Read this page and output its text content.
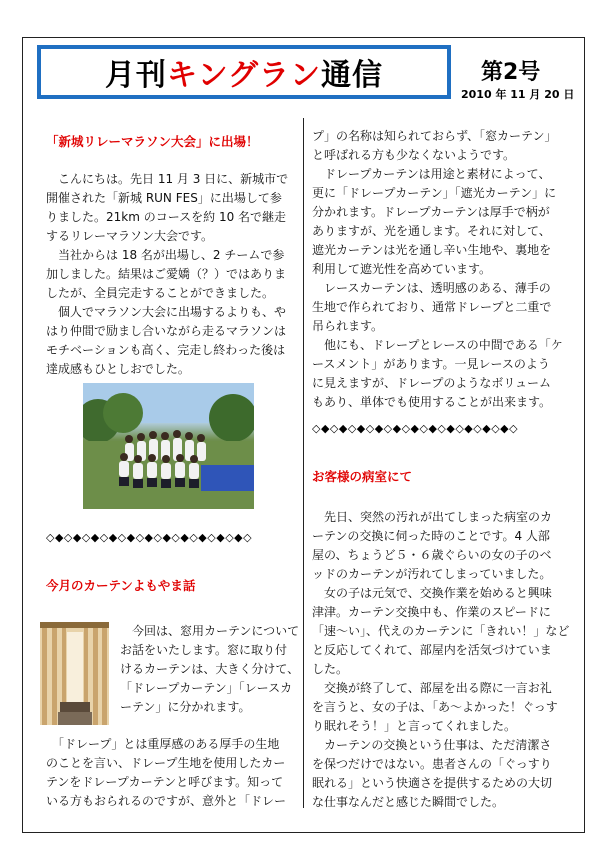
月刊 キングラン 通信	第2号
2010 年 11 月 20 日
「新城リレーマラソン大会」に出場！
　こんにちは。先日 11 月 3 日に、新城市で
開催された「新城 RUN FES」に出場して参
りました。21km のコースを約 10 名で継走
するリレーマラソン大会です。
　当社からは 18 名が出場し、2 チームで参
加しました。結果はご愛嬌（？）ではありま
したが、全員完走することができました。
　個人でマラソン大会に出場するよりも、や
はり仲間で励まし合いながら走るマラソンは
モチベーションも高く、完走し終わった後は
達成感もひとしおでした。
◇◆◇◆◇◆◇◆◇◆◇◆◇◆◇◆◇◆◇◆◇◆◇
今月のカーテンよもやま話
　今回は、窓用カーテンについて
お話をいたします。窓に取り付
けるカーテンは、大きく分けて、
「ドレープカーテン」「レースカ
ーテン」に分かれます。
　「ドレープ」とは重厚感のある厚手の生地
のことを言い、ドレープ生地を使用したカー
テンをドレープカーテンと呼びます。知って
いる方もおられるのですが、意外と「ドレー
プ」の名称は知られておらず、「窓カーテン」
と呼ばれる方も少なくないようです。
　ドレープカーテンは用途と素材によって、
更に「ドレープカーテン」「遮光カーテン」に
分かれます。ドレープカーテンは厚手で柄が
ありますが、光を通します。それに対して、
遮光カーテンは光を通し辛い生地や、裏地を
利用して遮光性を高めています。
　レースカーテンは、透明感のある、薄手の
生地で作られており、通常ドレープと二重で
吊られます。
　他にも、ドレープとレースの中間である「ケ
ースメント」があります。一見レースのよう
に見えますが、ドレープのようなボリューム
もあり、単体でも使用することが出来ます。
◇◆◇◆◇◆◇◆◇◆◇◆◇◆◇◆◇◆◇◆◇◆◇
お客様の病室にて
　先日、突然の汚れが出てしまった病室のカ
ーテンの交換に伺った時のことです。4 人部
屋の、ちょうど５・６歳ぐらいの女の子のベ
ッドのカーテンが汚れてしまっていました。
　女の子は元気で、交換作業を始めると興味
津津。カーテン交換中も、作業のスピードに
「速～い」、代えのカーテンに「きれい！」など
と反応してくれて、部屋内を活気づけていま
した。
　交換が終了して、部屋を出る際に一言お礼
を言うと、女の子は、「あ～よかった！ぐっす
り眠れそう！」と言ってくれました。
　カーテンの交換という仕事は、ただ清潔さ
を保つだけではない。患者さんの「ぐっすり
眠れる」という快適さを提供するための大切
な仕事なんだと感じた瞬間でした。
